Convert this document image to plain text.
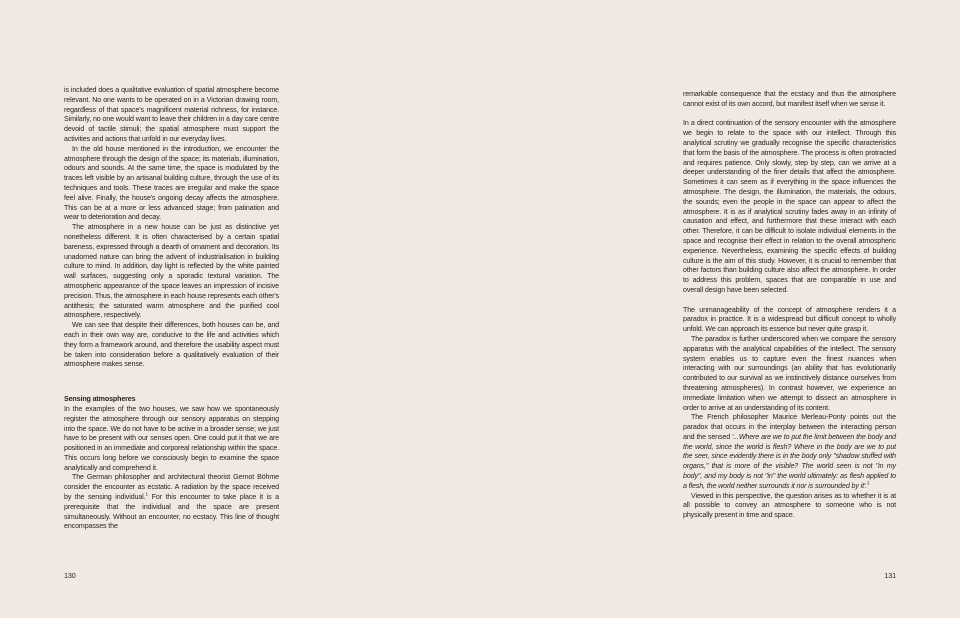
is included does a qualitative evaluation of spatial atmosphere become relevant. No one wants to be operated on in a Victorian drawing room, regardless of that space's magnificent material richness, for instance. Similarly, no one would want to leave their children in a day care centre devoid of tactile stimuli; the spatial atmosphere must support the activities and actions that unfold in our everyday lives.

In the old house mentioned in the introduction, we encounter the atmosphere through the design of the space; its materials, illumination, odours and sounds. At the same time, the space is modulated by the traces left visible by an artisanal building culture, through the use of its techniques and tools. These traces are irregular and make the space feel alive. Finally, the house's ongoing decay affects the atmosphere. This can be at a more or less advanced stage; from patination and wear to deterioration and decay.

The atmosphere in a new house can be just as distinctive yet nonetheless different. It is often characterised by a certain spatial bareness, expressed through a dearth of ornament and decoration. Its unadorned nature can bring the advent of industrialisation in building culture to mind. In addition, day light is reflected by the white painted wall surfaces, suggesting only a sporadic textural variation. The atmospheric appearance of the space leaves an impression of incisive precision. Thus, the atmosphere in each house represents each other's antithesis; the saturated warm atmosphere and the purified cool atmosphere, respectively.

We can see that despite their differences, both houses can be, and each in their own way are, conducive to the life and activities which they form a framework around, and therefore the usability aspect must be taken into consideration before a qualitatively evaluation of their atmosphere makes sense.

Sensing atmospheres

In the examples of the two houses, we saw how we spontaneously register the atmosphere through our sensory apparatus on stepping into the space. We do not have to be active in a broader sense; we just have to be present with our senses open. One could put it that we are positioned in an immediate and corporeal relationship within the space. This occurs long before we consciously begin to examine the space analytically and comprehend it.

The German philosopher and architectural theorist Gernot Böhme consider the encounter as ecstatic. A radiation by the space received by the sensing individual.$^1$ For this encounter to take place it is a prerequisite that the individual and the space are present simultaneously. Without an encounter, no ecstacy. This line of thought encompasses the

130

remarkable consequence that the ecstacy and thus the atmosphere cannot exist of its own accord, but manifest itself when we sense it.

In a direct continuation of the sensory encounter with the atmosphere we begin to relate to the space with our intellect. Through this analytical scrutiny we gradually recognise the specific characteristics that form the basis of the atmosphere. The process is often protracted and requires patience. Only slowly, step by step, can we arrive at a deeper understanding of the finer details that affect the atmosphere. Sometimes it can seem as if everything in the space influences the atmosphere. The design, the illumination, the materials, the odours, the sounds; even the people in the space can appear to affect the atmosphere. It is as if analytical scrutiny fades away in an infinity of causation and effect, and furthermore that these interact with each other. Therefore, it can be difficult to isolate individual elements in the space and recognise their effect in relation to the overall atmospheric experience. Nevertheless, examining the specific effects of building culture is the aim of this study. However, it is crucial to remember that other factors than building culture also affect the atmosphere. In order to address this problem, spaces that are comparable in use and overall design have been selected.

The unmanageability of the concept of atmosphere renders it a paradox in practice. It is a widespread but difficult concept to wholly unfold. We can approach its essence but never quite grasp it.

The paradox is further underscored when we compare the sensory apparatus with the analytical capabilities of the intellect. The sensory system enables us to capture even the finest nuances when interacting with our surroundings (an ability that has evolutionarily contributed to our survival as we instinctively distance ourselves from threatening atmospheres). In contrast however, we experience an immediate limitation when we attempt to dissect an atmosphere in order to arrive at an understanding of its content.

The French philosopher Maurice Merleau-Ponty points out the paradox that occurs in the interplay between the interacting person and the sensed '...Where are we to put the limit between the body and the world, since the world is flesh? Where in the body are we to put the seer, since evidently there is in the body only "shadow stuffed with organs," that is more of the visible? The world seen is not "in my body", and my body is not "in" the world ultimately: as flesh applied to a flesh, the world neither surrounds it nor is surrounded by it'.$^2$

Viewed in this perspective, the question arises as to whether it is at all possible to convey an atmosphere to someone who is not physically present in time and space.

131
